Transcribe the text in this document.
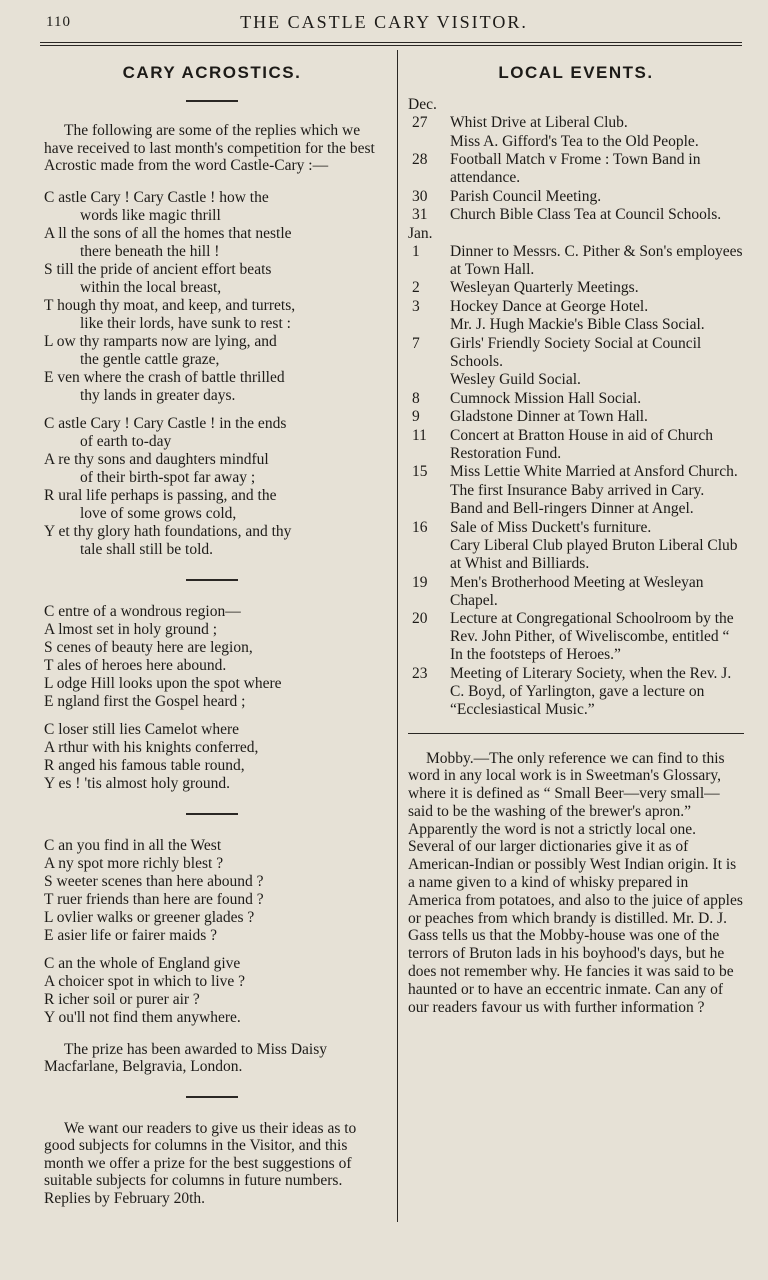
110	THE CASTLE CARY VISITOR.
CARY ACROSTICS.

The following are some of the replies which we have received to last month's competition for the best Acrostic made from the word Castle-Cary :—

C astle Cary ! Cary Castle ! how the
words like magic thrill
A ll the sons of all the homes that nestle
there beneath the hill !
S till the pride of ancient effort beats
within the local breast,
T hough thy moat, and keep, and turrets,
like their lords, have sunk to rest :
L ow thy ramparts now are lying, and
the gentle cattle graze,
E ven where the crash of battle thrilled
thy lands in greater days.
C astle Cary ! Cary Castle ! in the ends
of earth to-day
A re thy sons and daughters mindful
of their birth-spot far away ;
R ural life perhaps is passing, and the
love of some grows cold,
Y et thy glory hath foundations, and thy
tale shall still be told.
C entre of a wondrous region—
A lmost set in holy ground ;
S cenes of beauty here are legion,
T ales of heroes here abound.
L odge Hill looks upon the spot where
E ngland first the Gospel heard ;
C loser still lies Camelot where
A rthur with his knights conferred,
R anged his famous table round,
Y es ! 'tis almost holy ground.
C an you find in all the West
A ny spot more richly blest ?
S weeter scenes than here abound ?
T ruer friends than here are found ?
L ovlier walks or greener glades ?
E asier life or fairer maids ?
C an the whole of England give
A choicer spot in which to live ?
R icher soil or purer air ?
Y ou'll not find them anywhere.

The prize has been awarded to Miss Daisy Macfarlane, Belgravia, London.

We want our readers to give us their ideas as to good subjects for columns in the Visitor, and this month we offer a prize for the best suggestions of suitable subjects for columns in future numbers. Replies by February 20th.

LOCAL EVENTS.
Dec.
27	Whist Drive at Liberal Club.
Miss A. Gifford's Tea to the Old People.
28	Football Match v Frome : Town Band in attendance.
30	Parish Council Meeting.
31	Church Bible Class Tea at Council Schools.
Jan.
1	Dinner to Messrs. C. Pither & Son's employees at Town Hall.
2	Wesleyan Quarterly Meetings.
3	Hockey Dance at George Hotel.
Mr. J. Hugh Mackie's Bible Class Social.
7	Girls' Friendly Society Social at Council Schools.
Wesley Guild Social.
8	Cumnock Mission Hall Social.
9	Gladstone Dinner at Town Hall.
11	Concert at Bratton House in aid of Church Restoration Fund.
15	Miss Lettie White Married at Ansford Church.
The first Insurance Baby arrived in Cary.
Band and Bell-ringers Dinner at Angel.
16	Sale of Miss Duckett's furniture.
Cary Liberal Club played Bruton Liberal Club at Whist and Billiards.
19	Men's Brotherhood Meeting at Wesleyan Chapel.
20	Lecture at Congregational Schoolroom by the Rev. John Pither, of Wiveliscombe, entitled “ In the footsteps of Heroes.”
23	Meeting of Literary Society, when the Rev. J. C. Boyd, of Yarlington, gave a lecture on “Ecclesiastical Music.”

Mobby.—The only reference we can find to this word in any local work is in Sweetman's Glossary, where it is defined as “ Small Beer—very small—said to be the washing of the brewer's apron.” Apparently the word is not a strictly local one. Several of our larger dictionaries give it as of American-Indian or possibly West Indian origin. It is a name given to a kind of whisky prepared in America from potatoes, and also to the juice of apples or peaches from which brandy is distilled. Mr. D. J. Gass tells us that the Mobby-house was one of the terrors of Bruton lads in his boyhood's days, but he does not remember why. He fancies it was said to be haunted or to have an eccentric inmate. Can any of our readers favour us with further information ?
